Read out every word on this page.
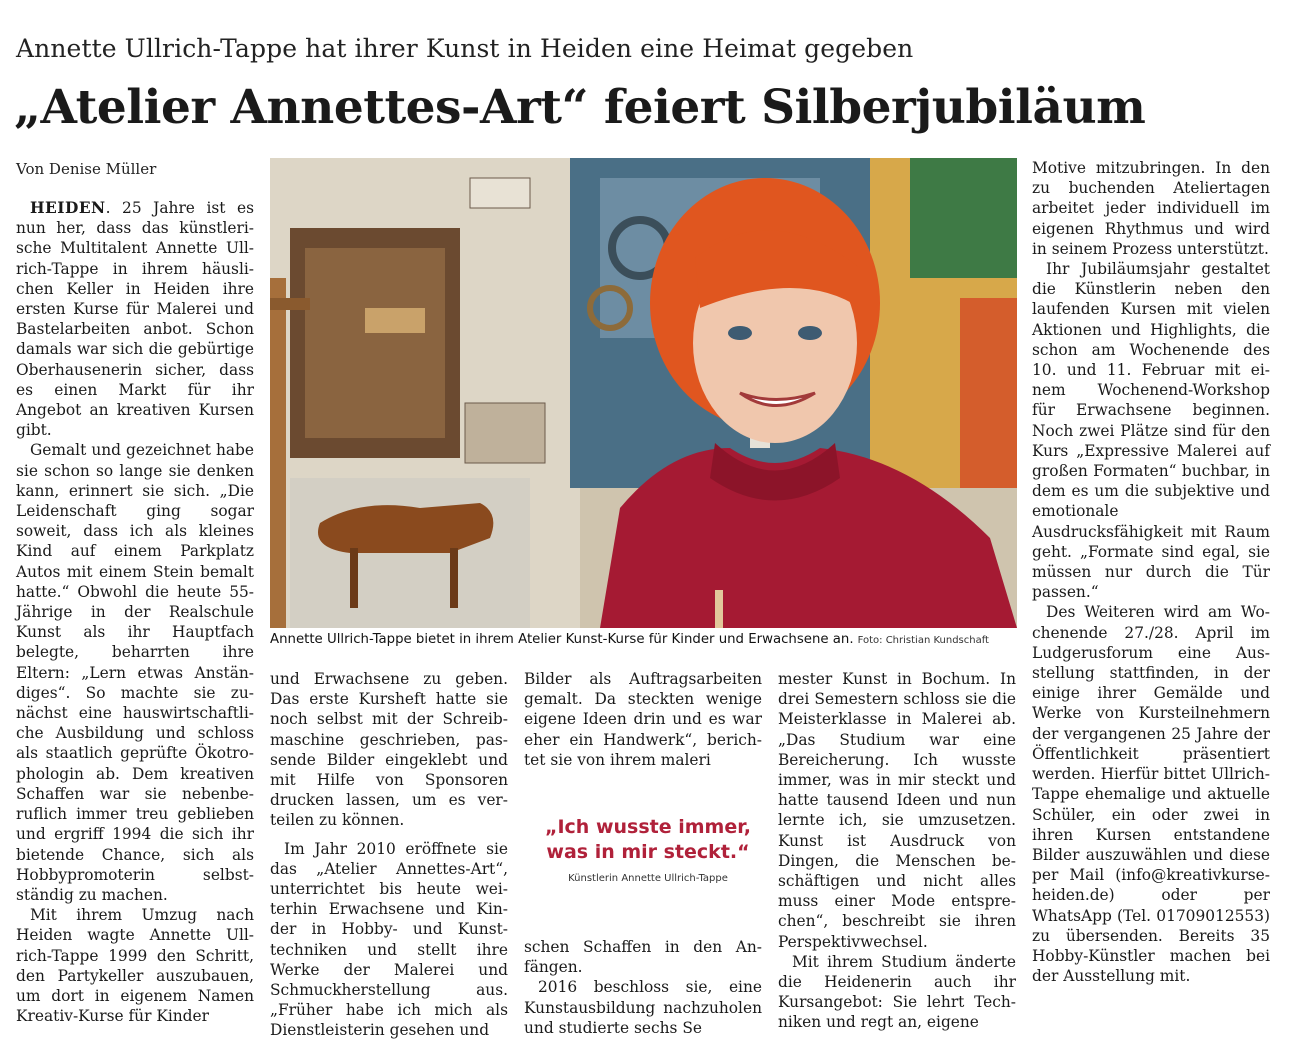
Annette Ullrich-Tappe hat ihrer Kunst in Heiden eine Heimat gegeben
„Atelier Annettes-Art“ feiert Silberjubiläum
Von Denise Müller

HEIDEN. 25 Jahre ist es nun her, dass das künstlerische Multitalent Annette Ullrich-Tappe in ihrem häuslichen Keller in Heiden ihre ersten Kurse für Malerei und Bastelarbeiten anbot. Schon damals war sich die gebürtige Oberhausenerin sicher, dass es einen Markt für ihr Angebot an kreativen Kursen gibt.

Gemalt und gezeichnet habe sie schon so lange sie denken kann, erinnert sie sich. „Die Leidenschaft ging sogar soweit, dass ich als kleines Kind auf einem Parkplatz Autos mit einem Stein bemalt hatte.“ Obwohl die heute 55-Jährige in der Realschule Kunst als ihr Hauptfach belegte, beharrten ihre Eltern: „Lern etwas Anständiges“. So machte sie zunächst eine hauswirtschaftliche Ausbildung und schloss als staatlich geprüfte Ökotrophologin ab. Dem kreativen Schaffen war sie nebenberuflich immer treu geblieben und ergriff 1994 die sich ihr bietende Chance, sich als Hobbypromoterin selbstständig zu machen.

Mit ihrem Umzug nach Heiden wagte Annette Ullrich-Tappe 1999 den Schritt, den Partykeller auszubauen, um dort in eigenem Namen Kreativ-Kurse für Kinder

Annette Ullrich-Tappe bietet in ihrem Atelier Kunst-Kurse für Kinder und Erwachsene an. Foto: Christian Kundschaft

und Erwachsene zu geben. Das erste Kursheft hatte sie noch selbst mit der Schreibmaschine geschrieben, passende Bilder eingeklebt und mit Hilfe von Sponsoren drucken lassen, um es verteilen zu können.

Im Jahr 2010 eröffnete sie das „Atelier Annettes-Art“, unterrichtet bis heute weiterhin Erwachsene und Kinder in Hobby- und Kunsttechniken und stellt ihre Werke der Malerei und Schmuckherstellung aus. „Früher habe ich mich als Dienstleisterin gesehen und

Bilder als Auftragsarbeiten gemalt. Da steckten wenige eigene Ideen drin und es war eher ein Handwerk“, berichtet sie von ihrem maleri

„Ich wusste immer, was in mir steckt.“
Künstlerin Annette Ullrich-Tappe

schen Schaffen in den Anfängen.

2016 beschloss sie, eine Kunstausbildung nachzuholen und studierte sechs Se

mester Kunst in Bochum. In drei Semestern schloss sie die Meisterklasse in Malerei ab. „Das Studium war eine Bereicherung. Ich wusste immer, was in mir steckt und hatte tausend Ideen und nun lernte ich, sie umzusetzen. Kunst ist Ausdruck von Dingen, die Menschen beschäftigen und nicht alles muss einer Mode entsprechen“, beschreibt sie ihren Perspektivwechsel.

Mit ihrem Studium änderte die Heidenerin auch ihr Kursangebot: Sie lehrt Techniken und regt an, eigene

Motive mitzubringen. In den zu buchenden Ateliertagen arbeitet jeder individuell im eigenen Rhythmus und wird in seinem Prozess unterstützt.

Ihr Jubiläumsjahr gestaltet die Künstlerin neben den laufenden Kursen mit vielen Aktionen und Highlights, die schon am Wochenende des 10. und 11. Februar mit einem Wochenend-Workshop für Erwachsene beginnen. Noch zwei Plätze sind für den Kurs „Expressive Malerei auf großen Formaten“ buchbar, in dem es um die subjektive und emotionale Ausdrucksfähigkeit mit Raum geht. „Formate sind egal, sie müssen nur durch die Tür passen.“

Des Weiteren wird am Wochenende 27./28. April im Ludgerusforum eine Ausstellung stattfinden, in der einige ihrer Gemälde und Werke von Kursteilnehmern der vergangenen 25 Jahre der Öffentlichkeit präsentiert werden. Hierfür bittet Ullrich-Tappe ehemalige und aktuelle Schüler, ein oder zwei in ihren Kursen entstandene Bilder auszuwählen und diese per Mail (info@kreativkurse-heiden.de) oder per WhatsApp (Tel. 01709012553) zu übersenden. Bereits 35 Hobby-Künstler machen bei der Ausstellung mit.
